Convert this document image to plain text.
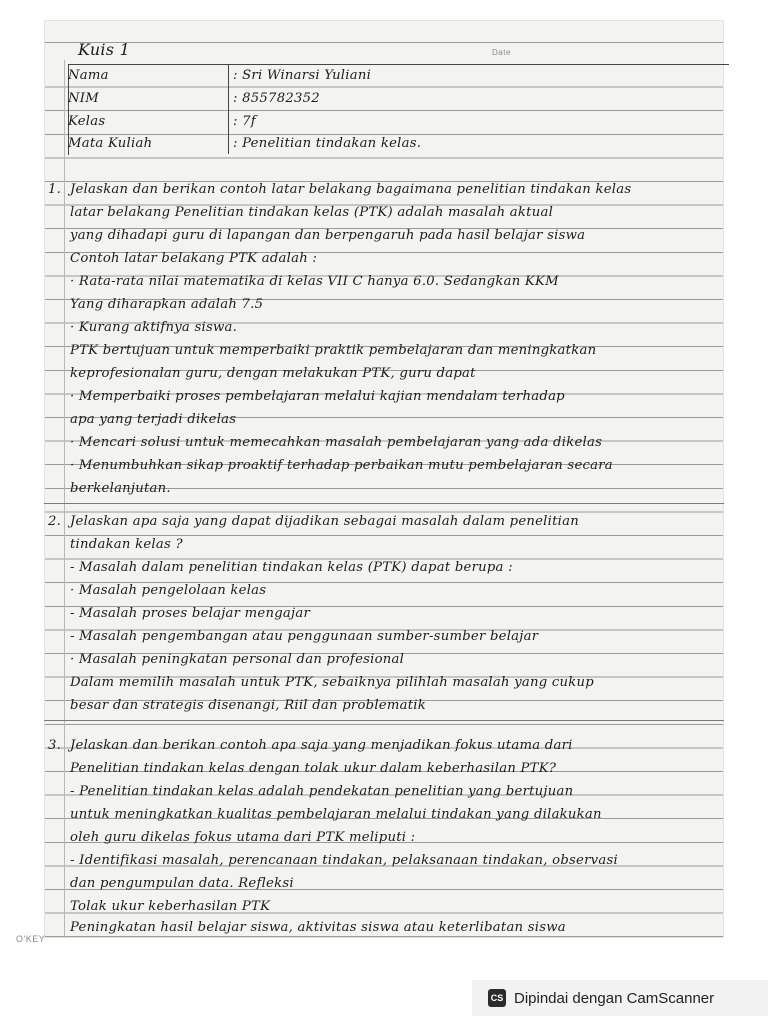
Kuis 1	Date
Nama	: Sri Winarsi Yuliani
NIM	: 855782352
Kelas	: 7f
Mata Kuliah	: Penelitian tindakan kelas.
1. Jelaskan dan berikan contoh latar belakang bagaimana penelitian tindakan kelas
latar belakang Penelitian tindakan kelas (PTK) adalah masalah aktual
yang dihadapi guru di lapangan dan berpengaruh pada hasil belajar siswa
Contoh latar belakang PTK adalah :
· Rata-rata nilai matematika di kelas VII C hanya 6.0. Sedangkan KKM
Yang diharapkan adalah 7.5
· Kurang aktifnya siswa.
PTK bertujuan untuk memperbaiki praktik pembelajaran dan meningkatkan
keprofesionalan guru, dengan melakukan PTK, guru dapat
· Memperbaiki proses pembelajaran melalui kajian mendalam terhadap
apa yang terjadi dikelas
· Mencari solusi untuk memecahkan masalah pembelajaran yang ada dikelas
· Menumbuhkan sikap proaktif terhadap perbaikan mutu pembelajaran secara
berkelanjutan.
2. Jelaskan apa saja yang dapat dijadikan sebagai masalah dalam penelitian
tindakan kelas ?
- Masalah dalam penelitian tindakan kelas (PTK) dapat berupa :
· Masalah pengelolaan kelas
- Masalah proses belajar mengajar
- Masalah pengembangan atau penggunaan sumber-sumber belajar
· Masalah peningkatan personal dan profesional
Dalam memilih masalah untuk PTK, sebaiknya pilihlah masalah yang cukup
besar dan strategis disenangi, Riil dan problematik
3. Jelaskan dan berikan contoh apa saja yang menjadikan fokus utama dari
Penelitian tindakan kelas dengan tolak ukur dalam keberhasilan PTK?
- Penelitian tindakan kelas adalah pendekatan penelitian yang bertujuan
untuk meningkatkan kualitas pembelajaran melalui tindakan yang dilakukan
oleh guru dikelas fokus utama dari PTK meliputi :
- Identifikasi masalah, perencanaan tindakan, pelaksanaan tindakan, observasi
dan pengumpulan data. Refleksi
Tolak ukur keberhasilan PTK
Peningkatan hasil belajar siswa, aktivitas siswa atau keterlibatan siswa
O'KEY
CS Dipindai dengan CamScanner
